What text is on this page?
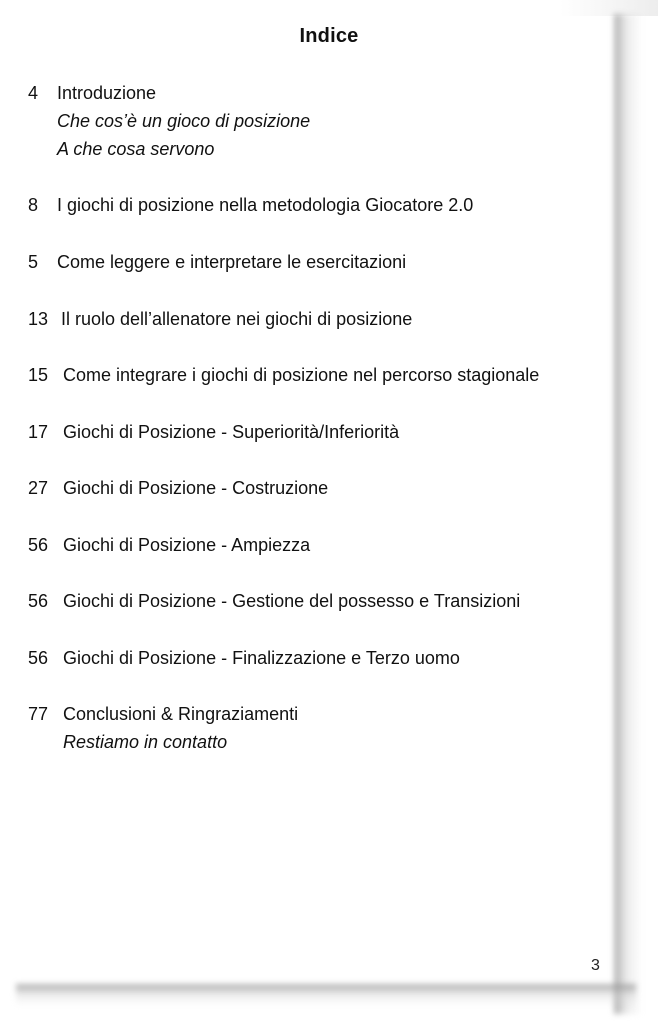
Indice
4 Introduzione
Che cos’è un gioco di posizione
A che cosa servono
8 I giochi di posizione nella metodologia Giocatore 2.0
5 Come leggere e interpretare le esercitazioni
13 Il ruolo dell’allenatore nei giochi di posizione
15 Come integrare i giochi di posizione nel percorso stagionale
17 Giochi di Posizione - Superiorità/Inferiorità
27 Giochi di Posizione - Costruzione
56 Giochi di Posizione - Ampiezza
56 Giochi di Posizione - Gestione del possesso e Transizioni
56 Giochi di Posizione - Finalizzazione e Terzo uomo
77 Conclusioni & Ringraziamenti
Restiamo in contatto
3
